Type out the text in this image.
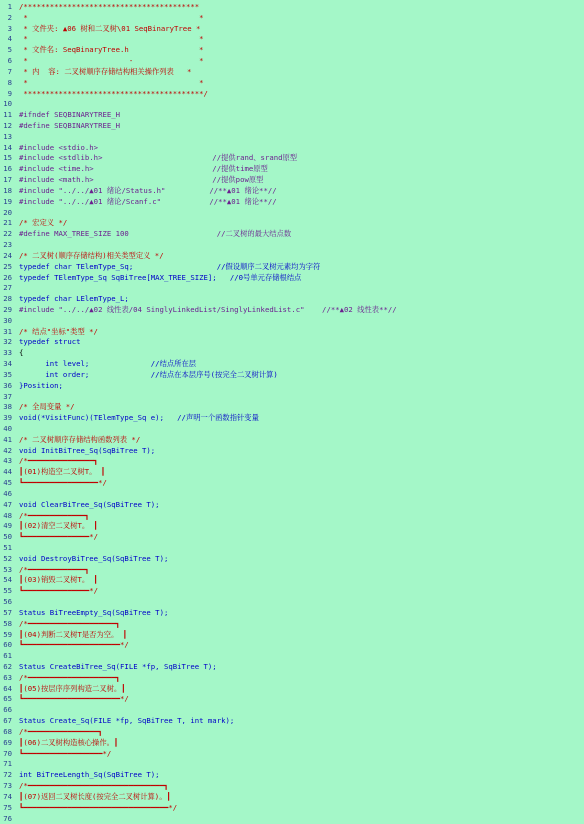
1 /****************************************
2 *                                       *
3 * 文件夹: ▲06 树和二叉树\01 SeqBinaryTree *
4 *                                       *
5 * 文件名: SeqBinaryTree.h                *
6 *                       -               *
7 * 内  容: 二叉树顺序存储结构相关操作列表   *
8 *                                       *
9 *****************************************/
10
11 #ifndef SEQBINARYTREE_H
12 #define SEQBINARYTREE_H
13
14 #include <stdio.h>
15 #include <stdlib.h>                         //提供rand、srand原型
16 #include <time.h>                           //提供time原型
17 #include <math.h>                           //提供pow原型
18 #include "../../▲01 绪论/Status.h"          //**▲01 绪论**//
19 #include "../../▲01 绪论/Scanf.c"           //**▲01 绪论**//
20
21 /* 宏定义 */
22 #define MAX_TREE_SIZE 100                    //二叉树的最大结点数
23
24 /* 二叉树(顺序存储结构)相关类型定义 */
25 typedef char TElemType_Sq;                   //假设顺序二叉树元素均为字符
26 typedef TElemType_Sq SqBiTree[MAX_TREE_SIZE];   //0号单元存储根结点
27
28 typedef char LElemType_L;
29 #include "../../▲02 线性表/04 SinglyLinkedList/SinglyLinkedList.c"    //**▲02 线性表**//
30
31 /* 结点"坐标"类型 */
32 typedef struct
33 {
34 int level;              //结点所在层
35 int order;              //结点在本层序号(按完全二叉树计算)
36 }Position;
37
38 /* 全局变量 */
39 void(*VisitFunc)(TElemType_Sq e);   //声明一个函数指针变量
40
41 /* 二叉树顺序存储结构函数列表 */
42 void InitBiTree_Sq(SqBiTree T);
43 /*━━━━━━━━━━━━━━━┓
44 ┃(01)构造空二叉树T。 ┃
45 ┗━━━━━━━━━━━━━━━━━*/
46
47 void ClearBiTree_Sq(SqBiTree T);
48 /*━━━━━━━━━━━━━┓
49 ┃(02)清空二叉树T。 ┃
50 ┗━━━━━━━━━━━━━━━*/
51
52 void DestroyBiTree_Sq(SqBiTree T);
53 /*━━━━━━━━━━━━━┓
54 ┃(03)销毁二叉树T。 ┃
55 ┗━━━━━━━━━━━━━━━*/
56
57 Status BiTreeEmpty_Sq(SqBiTree T);
58 /*━━━━━━━━━━━━━━━━━━━━┓
59 ┃(04)判断二叉树T是否为空。 ┃
60 ┗━━━━━━━━━━━━━━━━━━━━━━*/
61
62 Status CreateBiTree_Sq(FILE *fp, SqBiTree T);
63 /*━━━━━━━━━━━━━━━━━━━━┓
64 ┃(05)按层序序列构造二叉树。┃
65 ┗━━━━━━━━━━━━━━━━━━━━━━*/
66
67 Status Create_Sq(FILE *fp, SqBiTree T, int mark);
68 /*━━━━━━━━━━━━━━━━┓
69 ┃(06)二叉树构造核心操作。┃
70 ┗━━━━━━━━━━━━━━━━━━*/
71
72 int BiTreeLength_Sq(SqBiTree T);
73 /*━━━━━━━━━━━━━━━━━━━━━━━━━━━━━━━┓
74 ┃(07)返回二叉树长度(按完全二叉树计算)。┃
75 ┗━━━━━━━━━━━━━━━━━━━━━━━━━━━━━━━━━*/
76
